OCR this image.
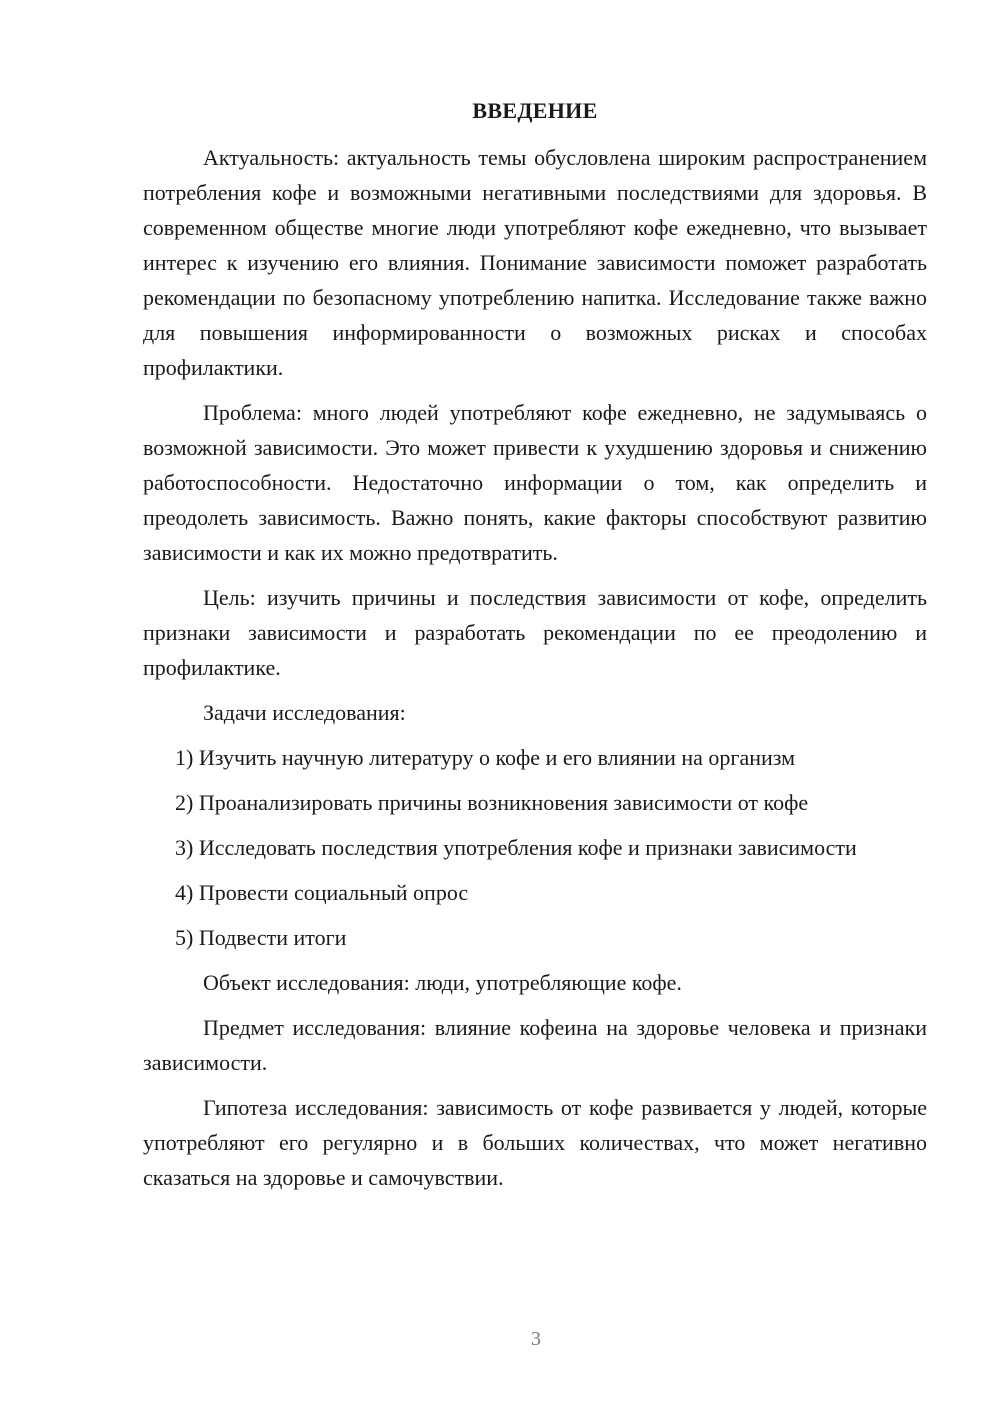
ВВЕДЕНИЕ

Актуальность: актуальность темы обусловлена широким распространением потребления кофе и возможными негативными последствиями для здоровья. В современном обществе многие люди употребляют кофе ежедневно, что вызывает интерес к изучению его влияния. Понимание зависимости поможет разработать рекомендации по безопасному употреблению напитка. Исследование также важно для повышения информированности о возможных рисках и способах профилактики.

Проблема: много людей употребляют кофе ежедневно, не задумываясь о возможной зависимости. Это может привести к ухудшению здоровья и снижению работоспособности. Недостаточно информации о том, как определить и преодолеть зависимость. Важно понять, какие факторы способствуют развитию зависимости и как их можно предотвратить.

Цель: изучить причины и последствия зависимости от кофе, определить признаки зависимости и разработать рекомендации по ее преодолению и профилактике.

Задачи исследования:

1) Изучить научную литературу о кофе и его влиянии на организм

2) Проанализировать причины возникновения зависимости от кофе

3) Исследовать последствия употребления кофе и признаки зависимости

4) Провести социальный опрос

5) Подвести итоги

Объект исследования: люди, употребляющие кофе.

Предмет исследования: влияние кофеина на здоровье человека и признаки зависимости.

Гипотеза исследования: зависимость от кофе развивается у людей, которые употребляют его регулярно и в больших количествах, что может негативно сказаться на здоровье и самочувствии.

3
